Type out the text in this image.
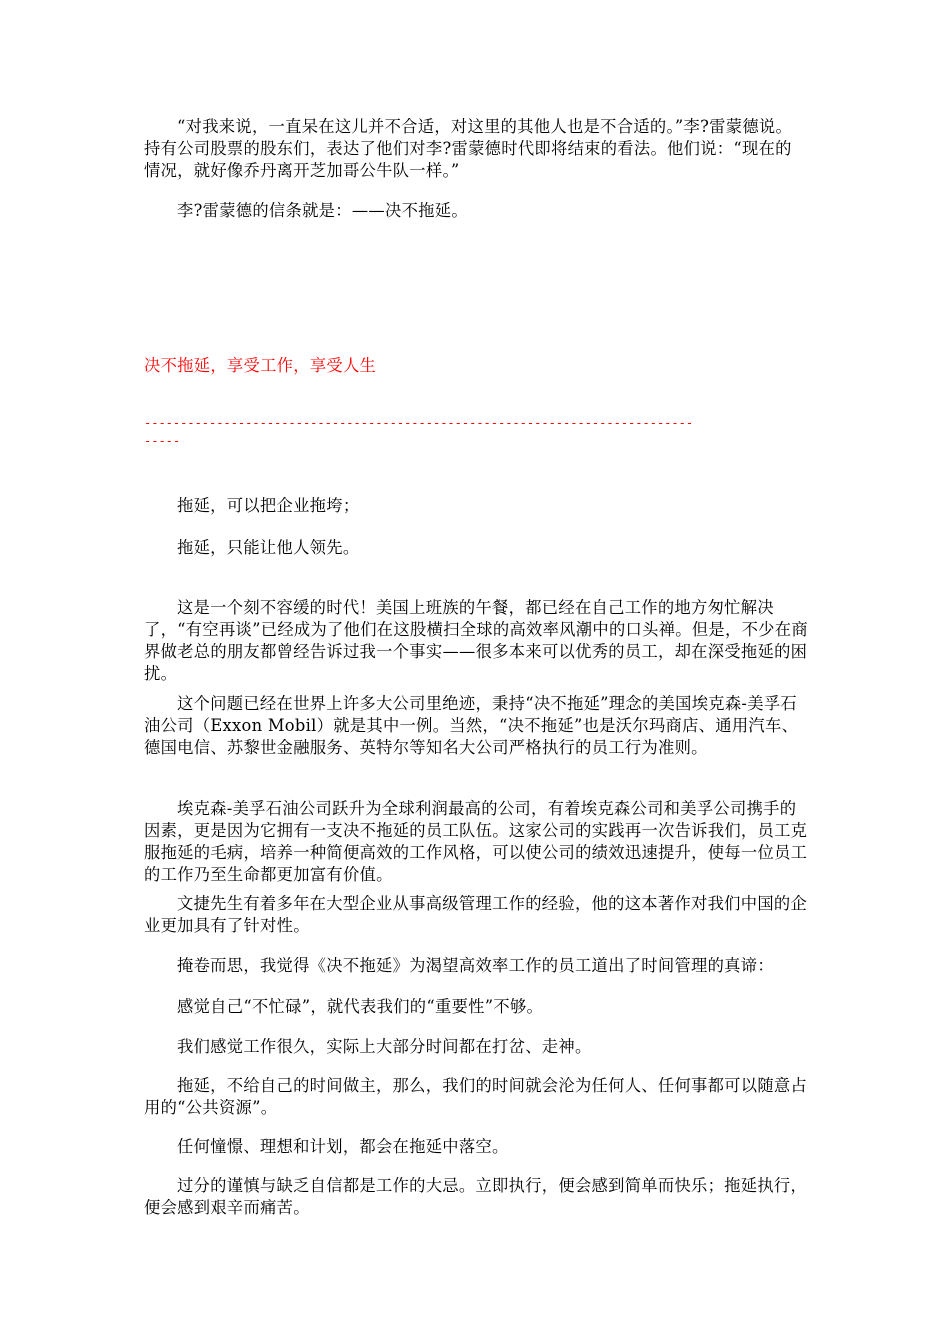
“对我来说，一直呆在这儿并不合适，对这里的其他人也是不合适的。”李?雷蒙德说。持有公司股票的股东们，表达了他们对李?雷蒙德时代即将结束的看法。他们说：“现在的情况，就好像乔丹离开芝加哥公牛队一样。”

李?雷蒙德的信条就是：——决不拖延。

决不拖延，享受工作，享受人生

----------------------------------------------------------------------------

-----

拖延，可以把企业拖垮；

拖延，只能让他人领先。

这是一个刻不容缓的时代！美国上班族的午餐，都已经在自己工作的地方匆忙解决了，“有空再谈”已经成为了他们在这股横扫全球的高效率风潮中的口头禅。但是，不少在商界做老总的朋友都曾经告诉过我一个事实——很多本来可以优秀的员工，却在深受拖延的困扰。

这个问题已经在世界上许多大公司里绝迹，秉持“决不拖延”理念的美国埃克森-美孚石油公司（Exxon Mobil）就是其中一例。当然，“决不拖延”也是沃尔玛商店、通用汽车、德国电信、苏黎世金融服务、英特尔等知名大公司严格执行的员工行为准则。

埃克森-美孚石油公司跃升为全球利润最高的公司，有着埃克森公司和美孚公司携手的因素，更是因为它拥有一支决不拖延的员工队伍。这家公司的实践再一次告诉我们，员工克服拖延的毛病，培养一种简便高效的工作风格，可以使公司的绩效迅速提升，使每一位员工的工作乃至生命都更加富有价值。

文捷先生有着多年在大型企业从事高级管理工作的经验，他的这本著作对我们中国的企业更加具有了针对性。

掩卷而思，我觉得《决不拖延》为渴望高效率工作的员工道出了时间管理的真谛：

感觉自己“不忙碌”，就代表我们的“重要性”不够。

我们感觉工作很久，实际上大部分时间都在打岔、走神。

拖延，不给自己的时间做主，那么，我们的时间就会沦为任何人、任何事都可以随意占用的“公共资源”。

任何憧憬、理想和计划，都会在拖延中落空。

过分的谨慎与缺乏自信都是工作的大忌。立即执行，便会感到简单而快乐；拖延执行，便会感到艰辛而痛苦。
